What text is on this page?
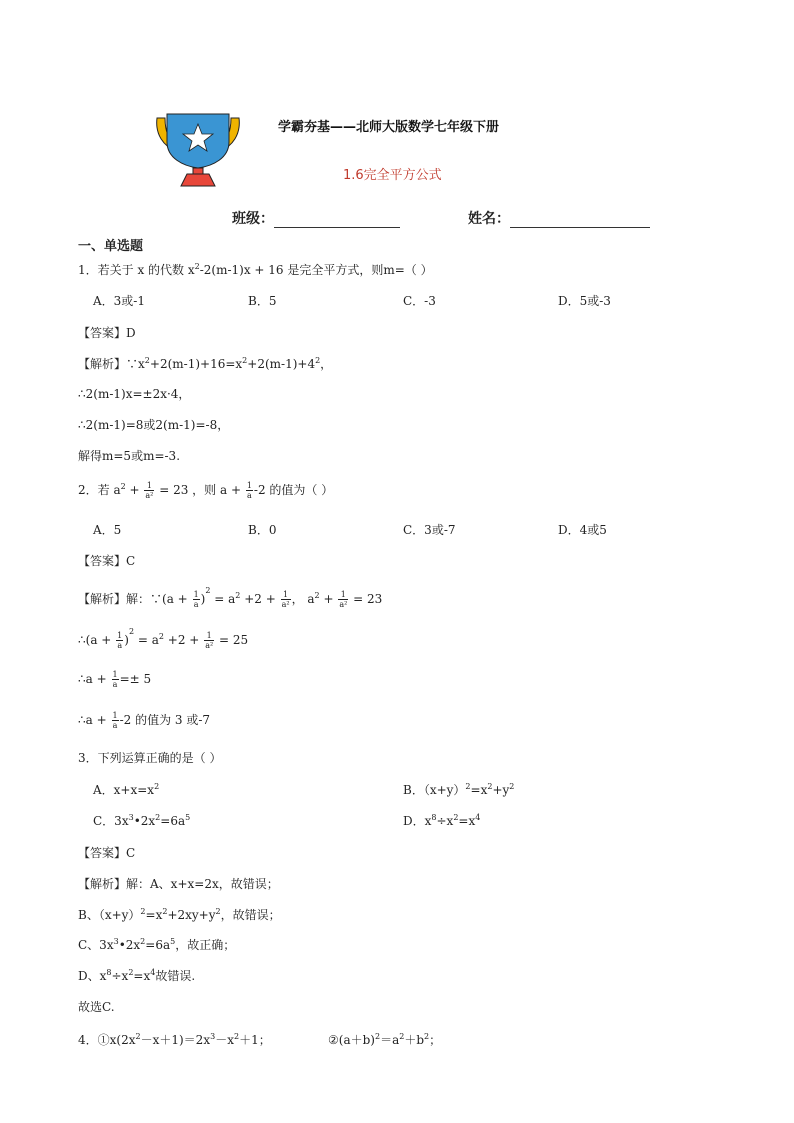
学霸夯基——北师大版数学七年级下册
1.6完全平方公式
班级：	姓名：
一、单选题
1．若关于 x 的代数 $x^2-2(m-1)x + 16$ 是完全平方式，则m=（ ）
A．3或-1	B．5	C．-3	D．5或-3
【答案】D
【解析】$\because x^2+2(m-1)+16=x^2+2(m-1)+4^2$，
∴2(m-1)x=±2x·4，
∴2(m-1)=8或2(m-1)=-8，
解得m=5或m=-3.
2．若 $a^2 + \frac{1}{\text{a²}} = 23$ ，则 $a + \frac{1}{a} -2$ 的值为（ ）
A．5	B．0	C．3或-7	D．4或5
【答案】C
【解析】解：∵(a + $\frac{1}{a} )^2 = a^2 +2 + \frac{1}{\text{a²}}$ ， $a^2 + \frac{1}{\text{a²}} = 23$
∴(a + $\frac{1}{a} )^2 = a^2 +2 + \frac{1}{\text{a²}} = 25$
∴a + $\frac{1}{a} =\pm 5$
∴a + $\frac{1}{a} -2$ 的值为 3 或-7
3．下列运算正确的是（ ）
A．$x+x=x^2$	B．$(x+y)^2=x^2+y^2$
C．$3x^3•2x^2=6a^5$	D．$x^8\div x^2=x^4$
【答案】C
【解析】解：A、x+x=2x，故错误；
B、$(x+y)^2=x^2+2xy+y^2$，故错误；
C、$3x^3•2x^2=6a^5$，故正确；
D、$x^8\div x^2=x^4$故错误.
故选C.
4．$①x(2x^2-x+1)=2x^3-x^2+1$；	$②(a+b)^2=a^2+b^2$；
